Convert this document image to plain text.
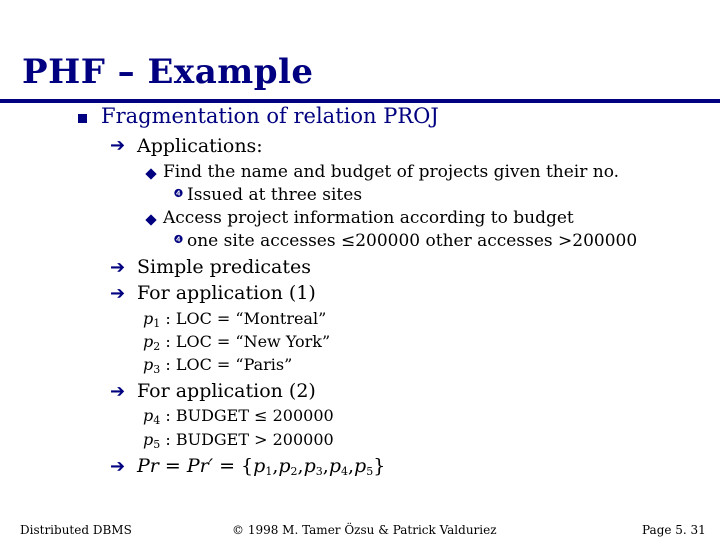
PHF – Example
Fragmentation of relation PROJ
➔ Applications:
Find the name and budget of projects given their no.
❹ Issued at three sites
Access project information according to budget
❹ one site accesses ≤200000 other accesses >200000
➔ Simple predicates
➔ For application (1)
$p_1$ : LOC = “Montreal”
$p_2$ : LOC = “New York”
$p_3$ : LOC = “Paris”
➔ For application (2)
$p_4$ : BUDGET ≤ 200000
$p_5$ : BUDGET > 200000
➔ $Pr = Pr' = \{p_1,p_2,p_3,p_4,p_5\}$
Distributed DBMS	© 1998 M. Tamer Özsu & Patrick Valduriez	Page 5. 31
